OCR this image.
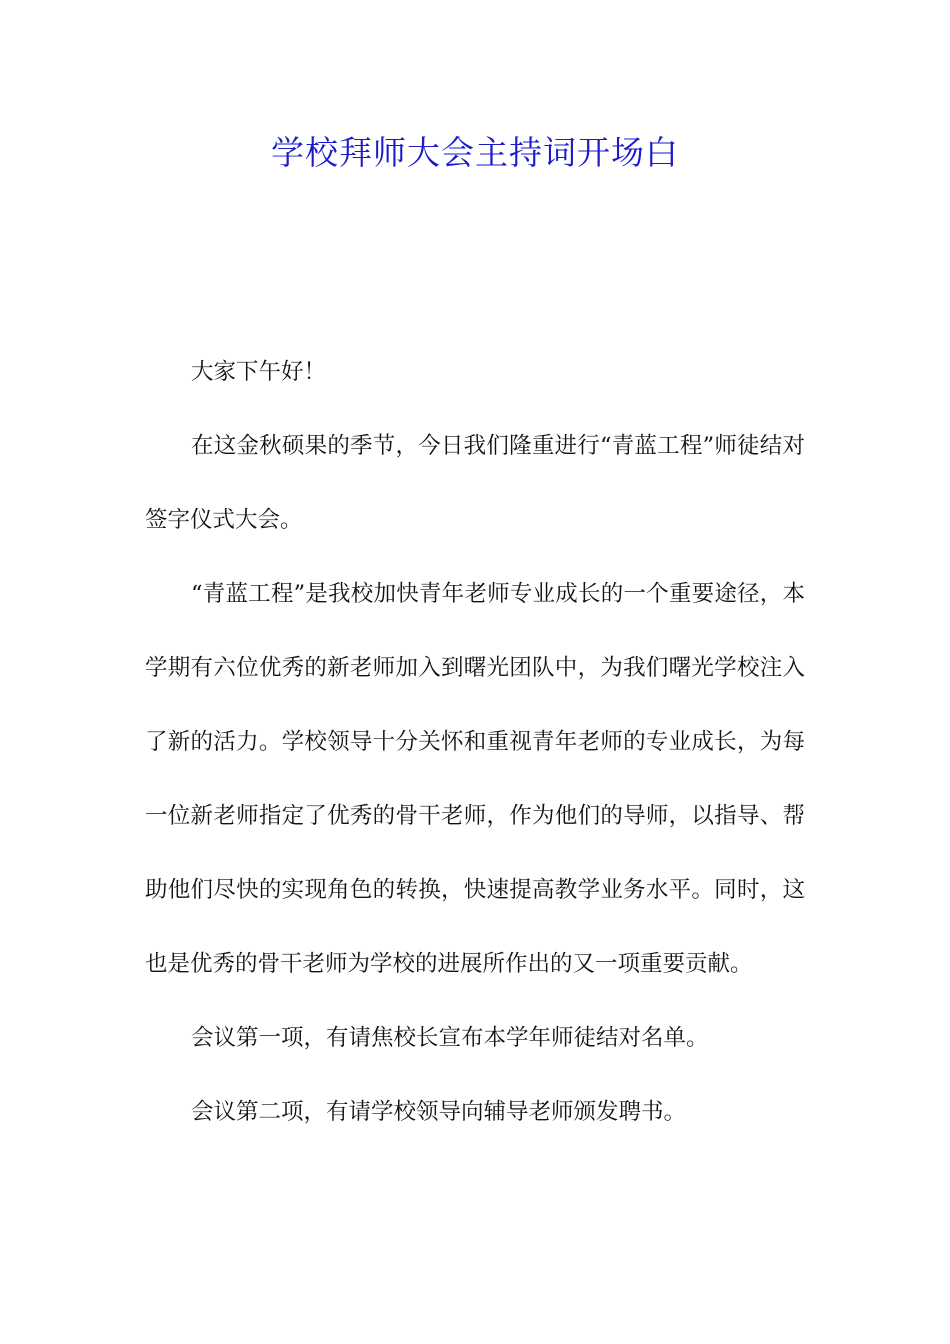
学校拜师大会主持词开场白

大家下午好！

在这金秋硕果的季节，今日我们隆重进行“青蓝工程”师徒结对签字仪式大会。

“青蓝工程”是我校加快青年老师专业成长的一个重要途径，本学期有六位优秀的新老师加入到曙光团队中，为我们曙光学校注入了新的活力。学校领导十分关怀和重视青年老师的专业成长，为每一位新老师指定了优秀的骨干老师，作为他们的导师，以指导、帮助他们尽快的实现角色的转换，快速提高教学业务水平。同时，这也是优秀的骨干老师为学校的进展所作出的又一项重要贡献。

会议第一项，有请焦校长宣布本学年师徒结对名单。

会议第二项，有请学校领导向辅导老师颁发聘书。
